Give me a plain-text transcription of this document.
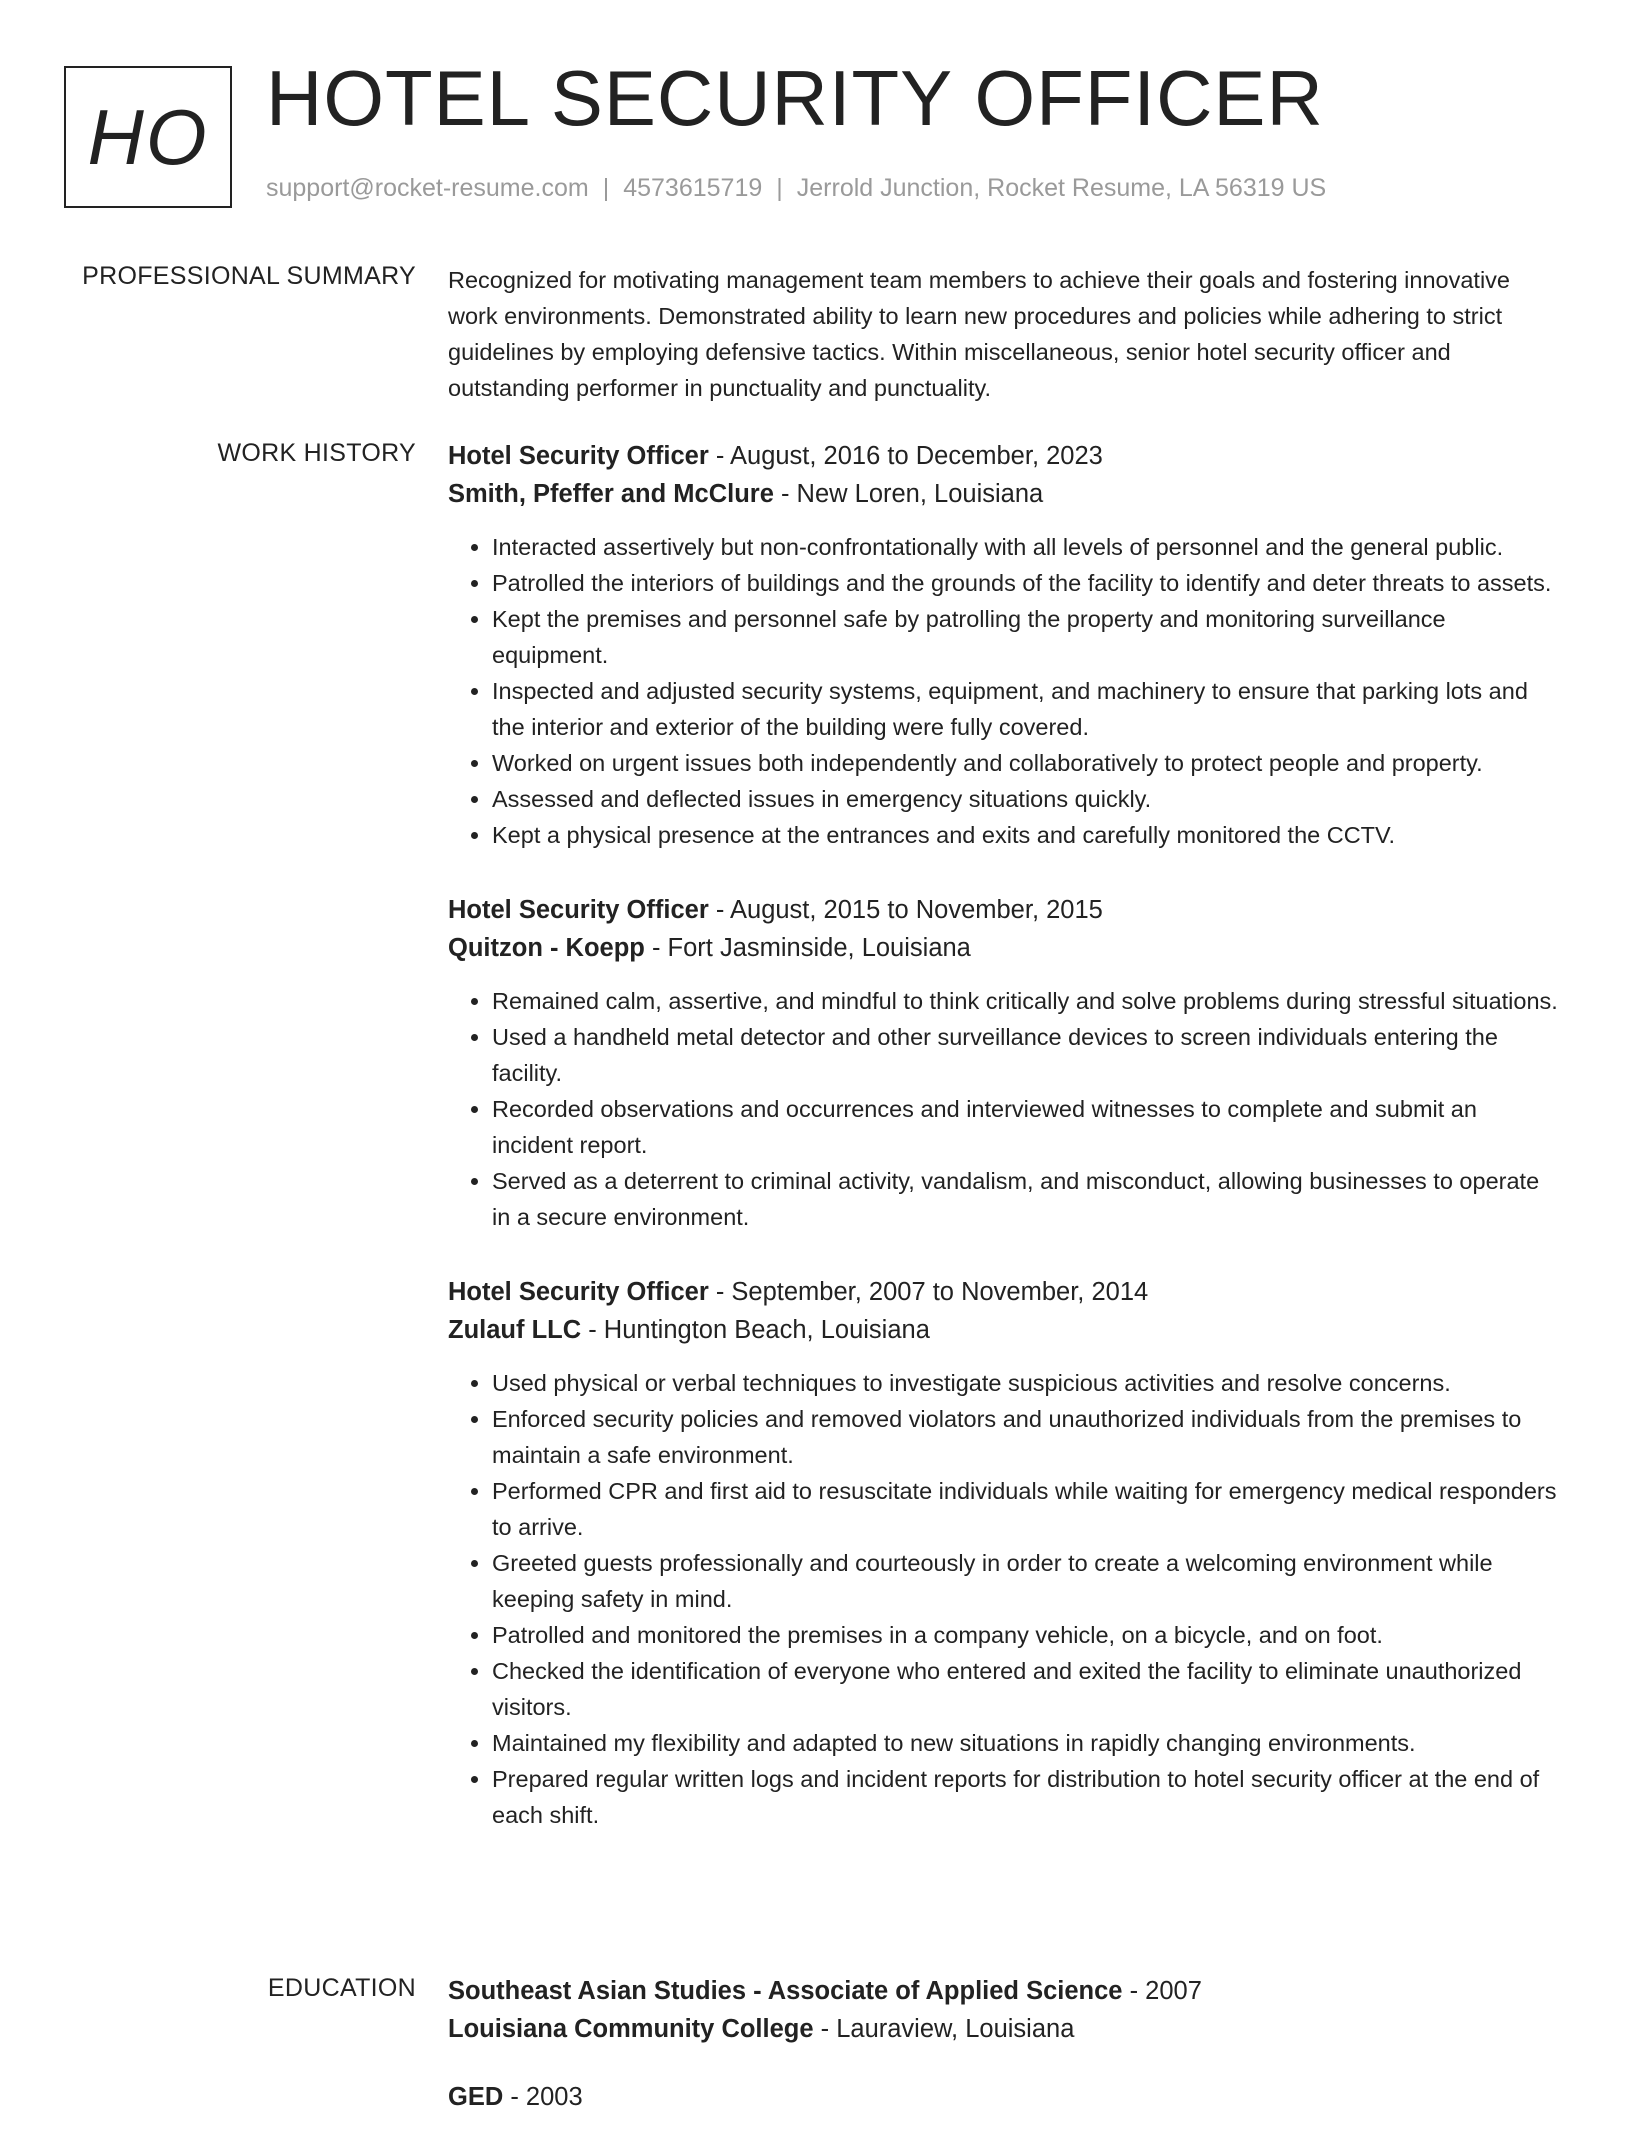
HO HOTEL SECURITY OFFICER
support@rocket-resume.com | 4573615719 | Jerrold Junction, Rocket Resume, LA 56319 US
PROFESSIONAL SUMMARY Recognized for motivating management team members to achieve their goals and fostering innovative work environments. Demonstrated ability to learn new procedures and policies while adhering to strict guidelines by employing defensive tactics. Within miscellaneous, senior hotel security officer and outstanding performer in punctuality and punctuality.

WORK HISTORY Hotel Security Officer - August, 2016 to December, 2023
Smith, Pfeffer and McClure - New Loren, Louisiana
• Interacted assertively but non-confrontationally with all levels of personnel and the general public.
• Patrolled the interiors of buildings and the grounds of the facility to identify and deter threats to assets.
• Kept the premises and personnel safe by patrolling the property and monitoring surveillance equipment.
• Inspected and adjusted security systems, equipment, and machinery to ensure that parking lots and the interior and exterior of the building were fully covered.
• Worked on urgent issues both independently and collaboratively to protect people and property.
• Assessed and deflected issues in emergency situations quickly.
• Kept a physical presence at the entrances and exits and carefully monitored the CCTV.
Hotel Security Officer - August, 2015 to November, 2015
Quitzon - Koepp - Fort Jasminside, Louisiana
• Remained calm, assertive, and mindful to think critically and solve problems during stressful situations.
• Used a handheld metal detector and other surveillance devices to screen individuals entering the facility.
• Recorded observations and occurrences and interviewed witnesses to complete and submit an incident report.
• Served as a deterrent to criminal activity, vandalism, and misconduct, allowing businesses to operate in a secure environment.
Hotel Security Officer - September, 2007 to November, 2014
Zulauf LLC - Huntington Beach, Louisiana
• Used physical or verbal techniques to investigate suspicious activities and resolve concerns.
• Enforced security policies and removed violators and unauthorized individuals from the premises to maintain a safe environment.
• Performed CPR and first aid to resuscitate individuals while waiting for emergency medical responders to arrive.
• Greeted guests professionally and courteously in order to create a welcoming environment while keeping safety in mind.
• Patrolled and monitored the premises in a company vehicle, on a bicycle, and on foot.
• Checked the identification of everyone who entered and exited the facility to eliminate unauthorized visitors.
• Maintained my flexibility and adapted to new situations in rapidly changing environments.
• Prepared regular written logs and incident reports for distribution to hotel security officer at the end of each shift.
EDUCATION Southeast Asian Studies - Associate of Applied Science - 2007
Louisiana Community College - Lauraview, Louisiana
GED - 2003
